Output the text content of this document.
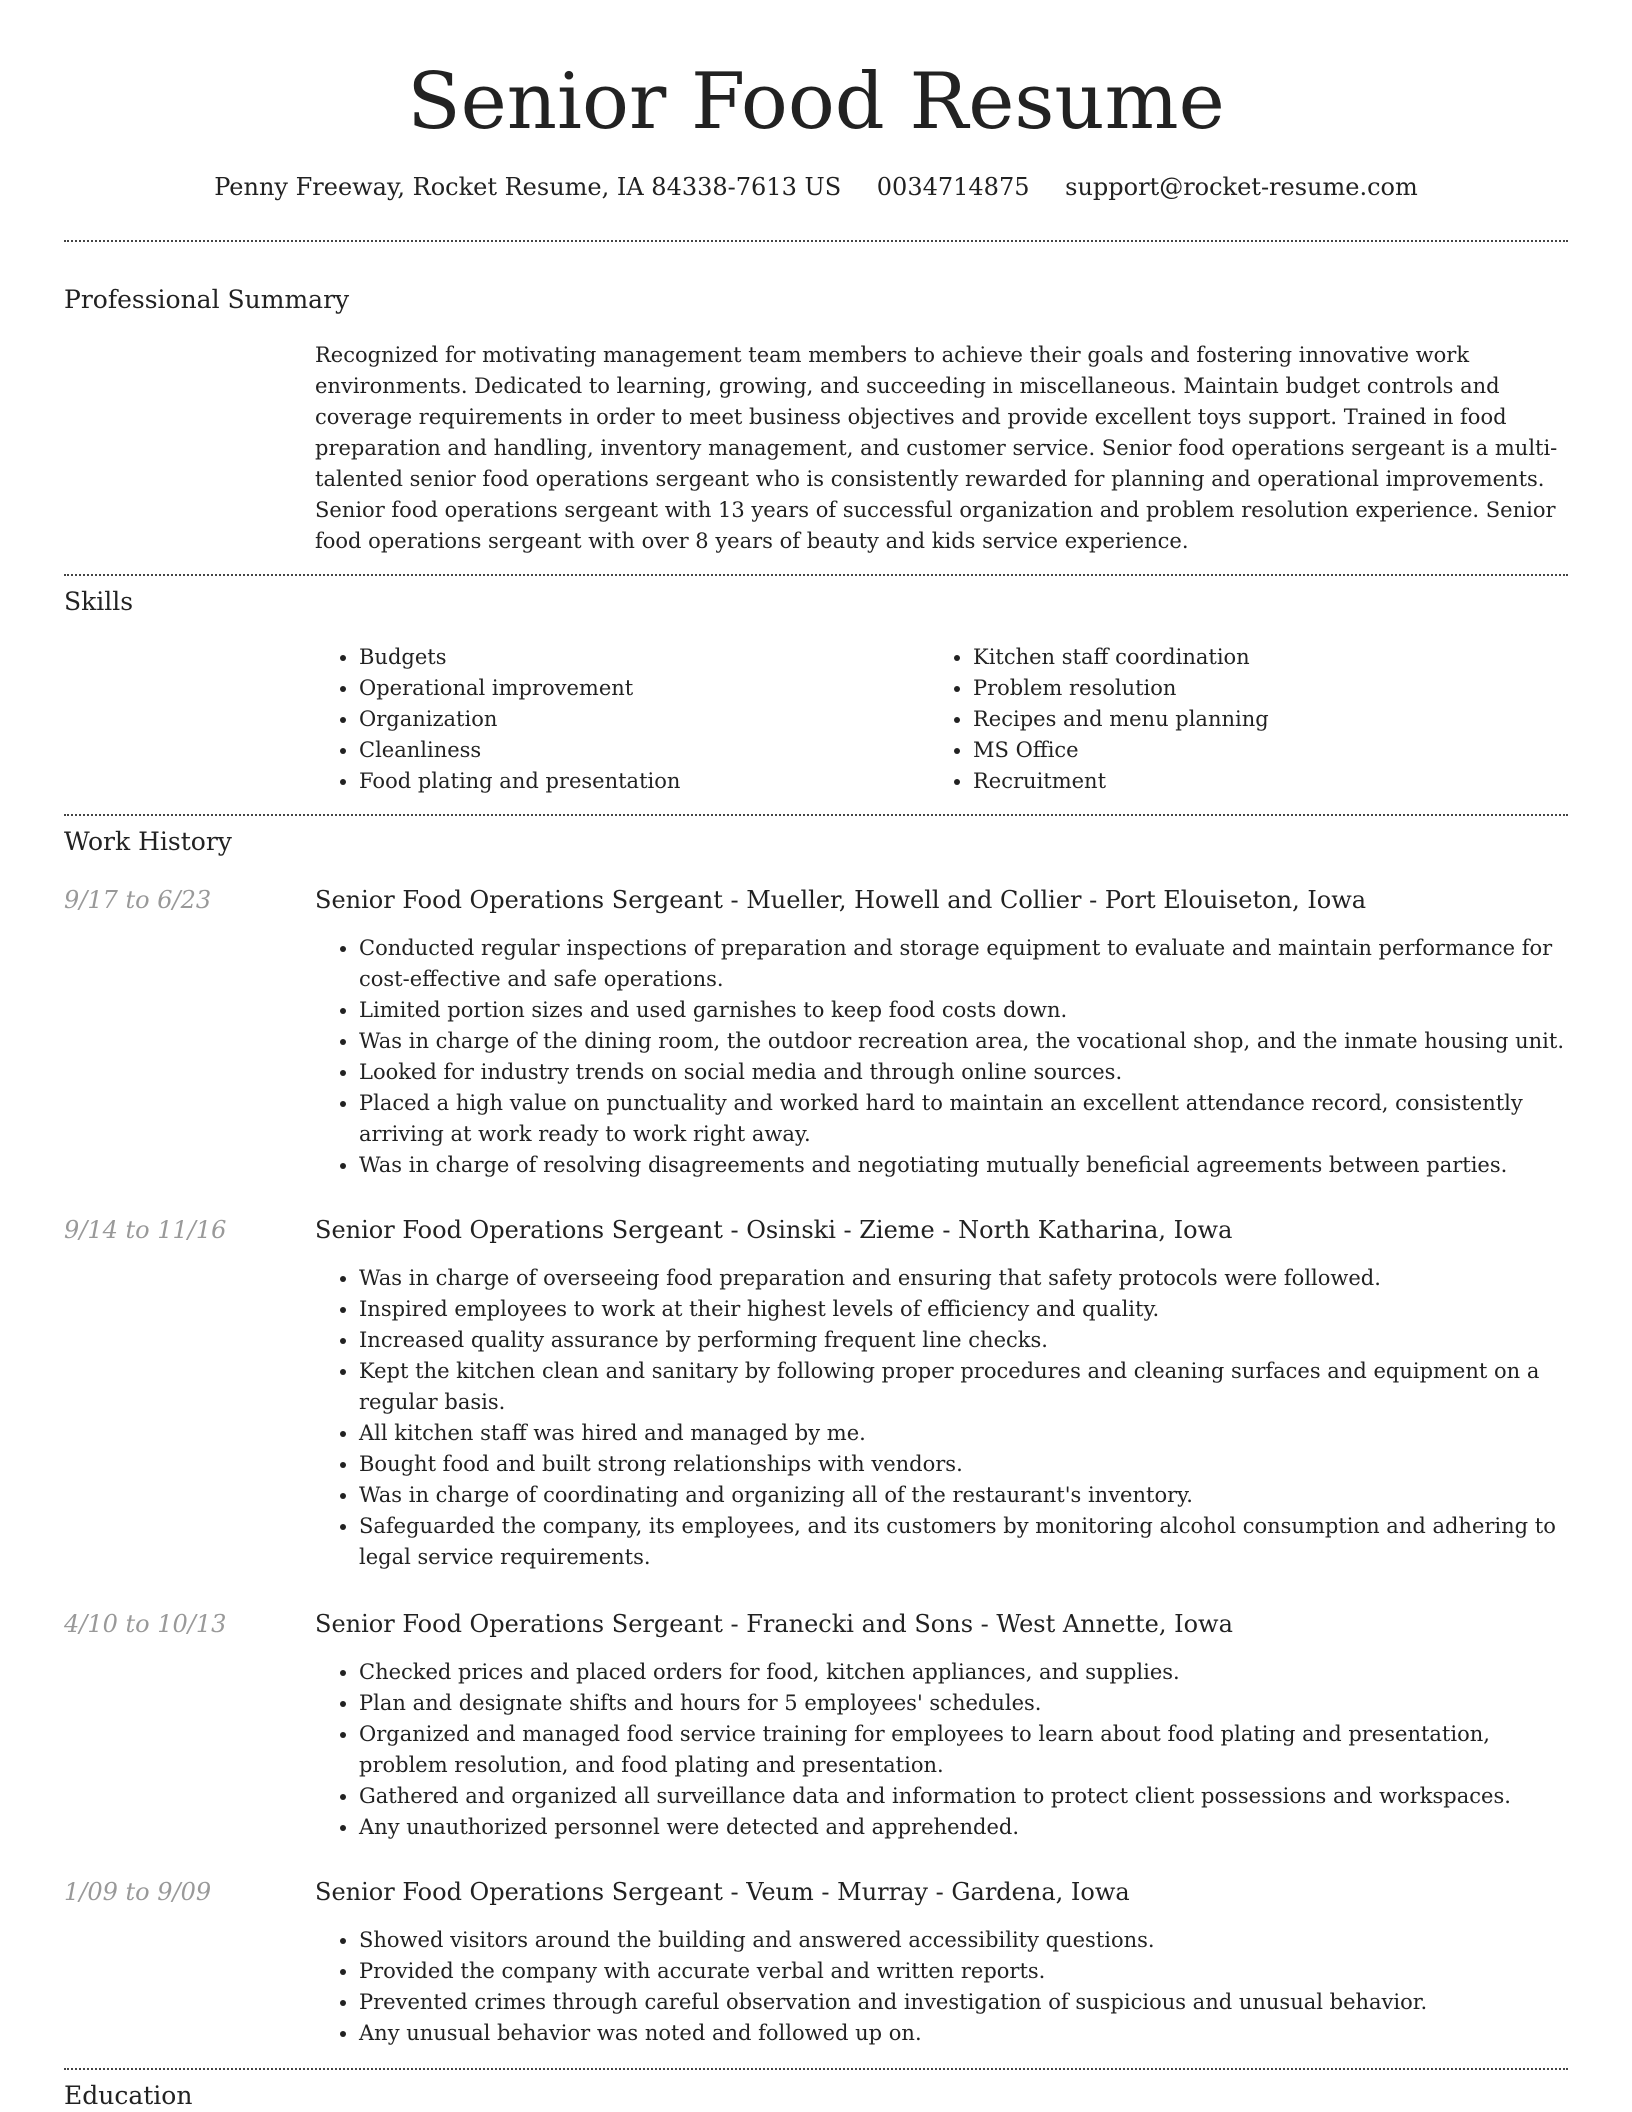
Senior Food Resume
Penny Freeway, Rocket Resume, IA 84338-7613 US 0034714875 support@rocket-resume.com
Professional Summary

Recognized for motivating management team members to achieve their goals and fostering innovative work environments. Dedicated to learning, growing, and succeeding in miscellaneous. Maintain budget controls and coverage requirements in order to meet business objectives and provide excellent toys support. Trained in food preparation and handling, inventory management, and customer service. Senior food operations sergeant is a multi-talented senior food operations sergeant who is consistently rewarded for planning and operational improvements. Senior food operations sergeant with 13 years of successful organization and problem resolution experience. Senior food operations sergeant with over 8 years of beauty and kids service experience.

Skills
• Budgets
• Operational improvement
• Organization
• Cleanliness
• Food plating and presentation
• Kitchen staff coordination
• Problem resolution
• Recipes and menu planning
• MS Office
• Recruitment
Work History
9/17 to 6/23	Senior Food Operations Sergeant - Mueller, Howell and Collier - Port Elouiseton, Iowa
• Conducted regular inspections of preparation and storage equipment to evaluate and maintain performance for cost-effective and safe operations.
• Limited portion sizes and used garnishes to keep food costs down.
• Was in charge of the dining room, the outdoor recreation area, the vocational shop, and the inmate housing unit.
• Looked for industry trends on social media and through online sources.
• Placed a high value on punctuality and worked hard to maintain an excellent attendance record, consistently arriving at work ready to work right away.
• Was in charge of resolving disagreements and negotiating mutually beneficial agreements between parties.
9/14 to 11/16	Senior Food Operations Sergeant - Osinski - Zieme - North Katharina, Iowa
• Was in charge of overseeing food preparation and ensuring that safety protocols were followed.
• Inspired employees to work at their highest levels of efficiency and quality.
• Increased quality assurance by performing frequent line checks.
• Kept the kitchen clean and sanitary by following proper procedures and cleaning surfaces and equipment on a regular basis.
• All kitchen staff was hired and managed by me.
• Bought food and built strong relationships with vendors.
• Was in charge of coordinating and organizing all of the restaurant's inventory.
• Safeguarded the company, its employees, and its customers by monitoring alcohol consumption and adhering to legal service requirements.
4/10 to 10/13	Senior Food Operations Sergeant - Franecki and Sons - West Annette, Iowa
• Checked prices and placed orders for food, kitchen appliances, and supplies.
• Plan and designate shifts and hours for 5 employees' schedules.
• Organized and managed food service training for employees to learn about food plating and presentation, problem resolution, and food plating and presentation.
• Gathered and organized all surveillance data and information to protect client possessions and workspaces.
• Any unauthorized personnel were detected and apprehended.
1/09 to 9/09	Senior Food Operations Sergeant - Veum - Murray - Gardena, Iowa
• Showed visitors around the building and answered accessibility questions.
• Provided the company with accurate verbal and written reports.
• Prevented crimes through careful observation and investigation of suspicious and unusual behavior.
• Any unusual behavior was noted and followed up on.
Education
